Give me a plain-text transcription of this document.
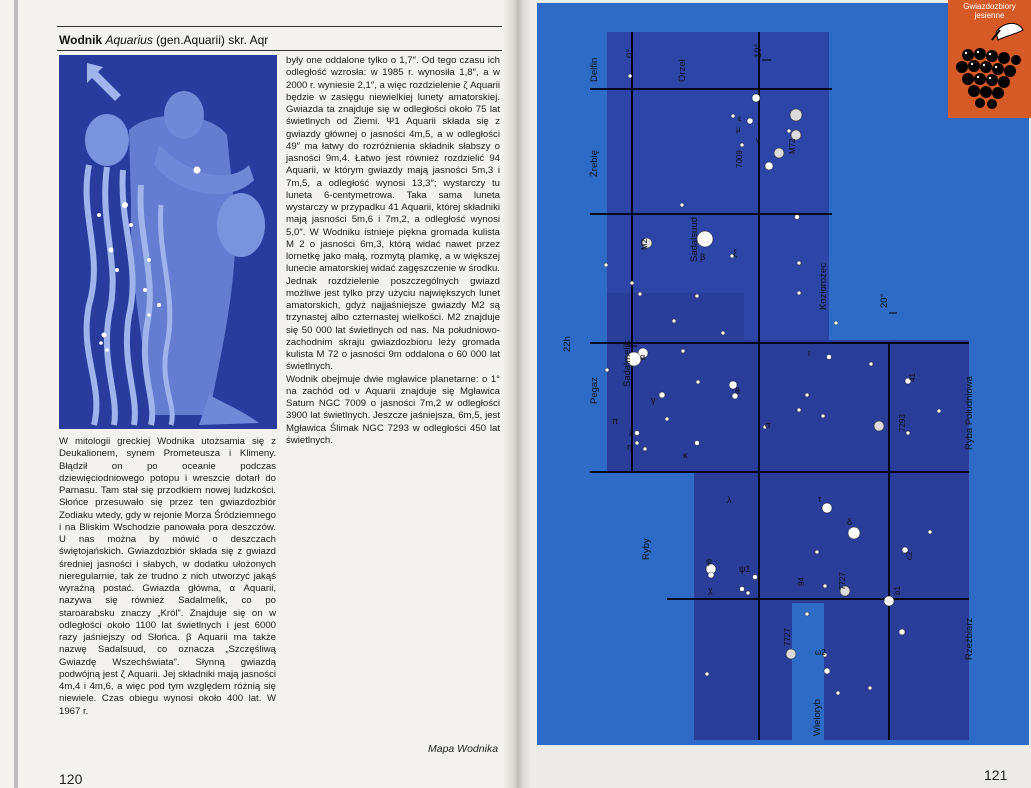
Wodnik Aquarius (gen.Aquarii) skr. Aqr

W mitologii greckiej Wodnika utożsamia się z Deukalionem, synem Prometeusza i Klimeny. Błądził on po oceanie podczas dziewięciodniowego potopu i wreszcie dotarł do Parnasu. Tam stał się przodkiem nowej ludzkości. Słońce przesuwało się przez ten gwiazdozbiór Zodiaku wtedy, gdy w rejonie Morza Śródziemnego i na Bliskim Wschodzie panowała pora deszczów. U nas można by mówić o deszczach świętojańskich. Gwiazdozbiór składa się z gwiazd średniej jasności i słabych, w dodatku ułożonych nieregularnie, tak że trudno z nich utworzyć jakąś wyraźną postać. Gwiazda główna, α Aquarii, nazywa się również Sadalmelik, co po staroarabsku znaczy „Król”. Znajduje się on w odległości około 1100 lat świetlnych i jest 6000 razy jaśniejszy od Słońca. β Aquarii ma także nazwę Sadalsuud, co oznacza „Szczęśliwą Gwiazdę Wszechświata”. Słynną gwiazdą podwójną jest ζ Aquarii. Jej składniki mają jasności 4m,4 i 4m,6, a więc pod tym względem różnią się niewiele. Czas obiegu wynosi około 400 lat. W 1967 r.

były one oddalone tylko o 1,7″. Od tego czasu ich odległość wzrosła: w 1985 r. wynosiła 1,8″, a w 2000 r. wyniesie 2,1″, a więc rozdzielenie ζ Aquarii będzie w zasięgu niewielkiej lunety amatorskiej. Gwiazda ta znajduje się w odległości około 75 lat świetlnych od Ziemi. Ψ1 Aquarii składa się z gwiazdy głównej o jasności 4m,5, a w odległości 49″ ma łatwy do rozróżnienia składnik słabszy o jasności 9m,4. Łatwo jest również rozdzielić 94 Aquarii, w którym gwiazdy mają jasności 5m,3 i 7m,5, a odległość wynosi 13,3″; wystarczy tu luneta 6-centymetrowa. Taka sama luneta wystarczy w przypadku 41 Aquarii, której składniki mają jasności 5m,6 i 7m,2, a odległość wynosi 5,0″. W Wodniku istnieje piękna gromada kulista M 2 o jasności 6m,3, którą widać nawet przez lornetkę jako małą, rozmytą plamkę, a w większej lunecie amatorskiej widać zagęszczenie w środku. Jednak rozdzielenie poszczególnych gwiazd możliwe jest tylko przy użyciu największych lunet amatorskich, gdyż najjaśniejsze gwiazdy M2 są trzynastej albo czternastej wielkości. M2 znajduje się 50 000 lat świetlnych od nas. Na południowo-zachodnim skraju gwiazdozbioru leży gromada kulista M 72 o jasności 9m oddalona o 60 000 lat świetlnych.

Wodnik obejmuje dwie mgławice planetarne: o 1° na zachód od ν Aquarii znajduje się Mgławica Saturn NGC 7009 o jasności 7m,2 w odległości 3900 lat świetlnych. Jeszcze jaśniejsza, 6m,5, jest Mgławica Ślimak NGC 7293 w odległości 450 lat świetlnych.

Mapa Wodnika
120
Delfin	Orzeł
Źrebię
Sadalsuud
Koziorożec
Pegaz
Sadalmelik
Ryba Południowa
Ryby
Rzeźbiarz
Wieloryb
0°	10°
20°
22h
ε
μ
ν
7009
M72
M2
β	ξ
α	ι
π
ζ
η
γ
θ
κ
σ
λ	τ
δ
φ
ψ1
χ
94	7727
7727
ω2
c2
b1
41
7293
Gwiazdozbiory
jesienne
121
